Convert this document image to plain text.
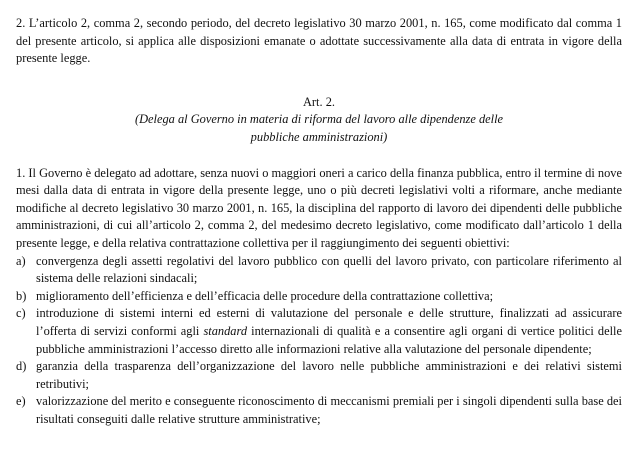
2. L’articolo 2, comma 2, secondo periodo, del decreto legislativo 30 marzo 2001, n. 165, come modificato dal comma 1 del presente articolo, si applica alle disposizioni emanate o adottate successivamente alla data di entrata in vigore della presente legge.

Art. 2.

(Delega al Governo in materia di riforma del lavoro alle dipendenze delle pubbliche amministrazioni)

1. Il Governo è delegato ad adottare, senza nuovi o maggiori oneri a carico della finanza pubblica, entro il termine di nove mesi dalla data di entrata in vigore della presente legge, uno o più decreti legislativi volti a riformare, anche mediante modifiche al decreto legislativo 30 marzo 2001, n. 165, la disciplina del rapporto di lavoro dei dipendenti delle pubbliche amministrazioni, di cui all’articolo 2, comma 2, del medesimo decreto legislativo, come modificato dall’articolo 1 della presente legge, e della relativa contrattazione collettiva per il raggiungimento dei seguenti obiettivi:

a) convergenza degli assetti regolativi del lavoro pubblico con quelli del lavoro privato, con particolare riferimento al sistema delle relazioni sindacali;
b) miglioramento dell’efficienza e dell’efficacia delle procedure della contrattazione collettiva;
c) introduzione di sistemi interni ed esterni di valutazione del personale e delle strutture, finalizzati ad assicurare l’offerta di servizi conformi agli standard internazionali di qualità e a consentire agli organi di vertice politici delle pubbliche amministrazioni l’accesso diretto alle informazioni relative alla valutazione del personale dipendente;
d) garanzia della trasparenza dell’organizzazione del lavoro nelle pubbliche amministrazioni e dei relativi sistemi retributivi;
e) valorizzazione del merito e conseguente riconoscimento di meccanismi premiali per i singoli dipendenti sulla base dei risultati conseguiti dalle relative strutture amministrative;
